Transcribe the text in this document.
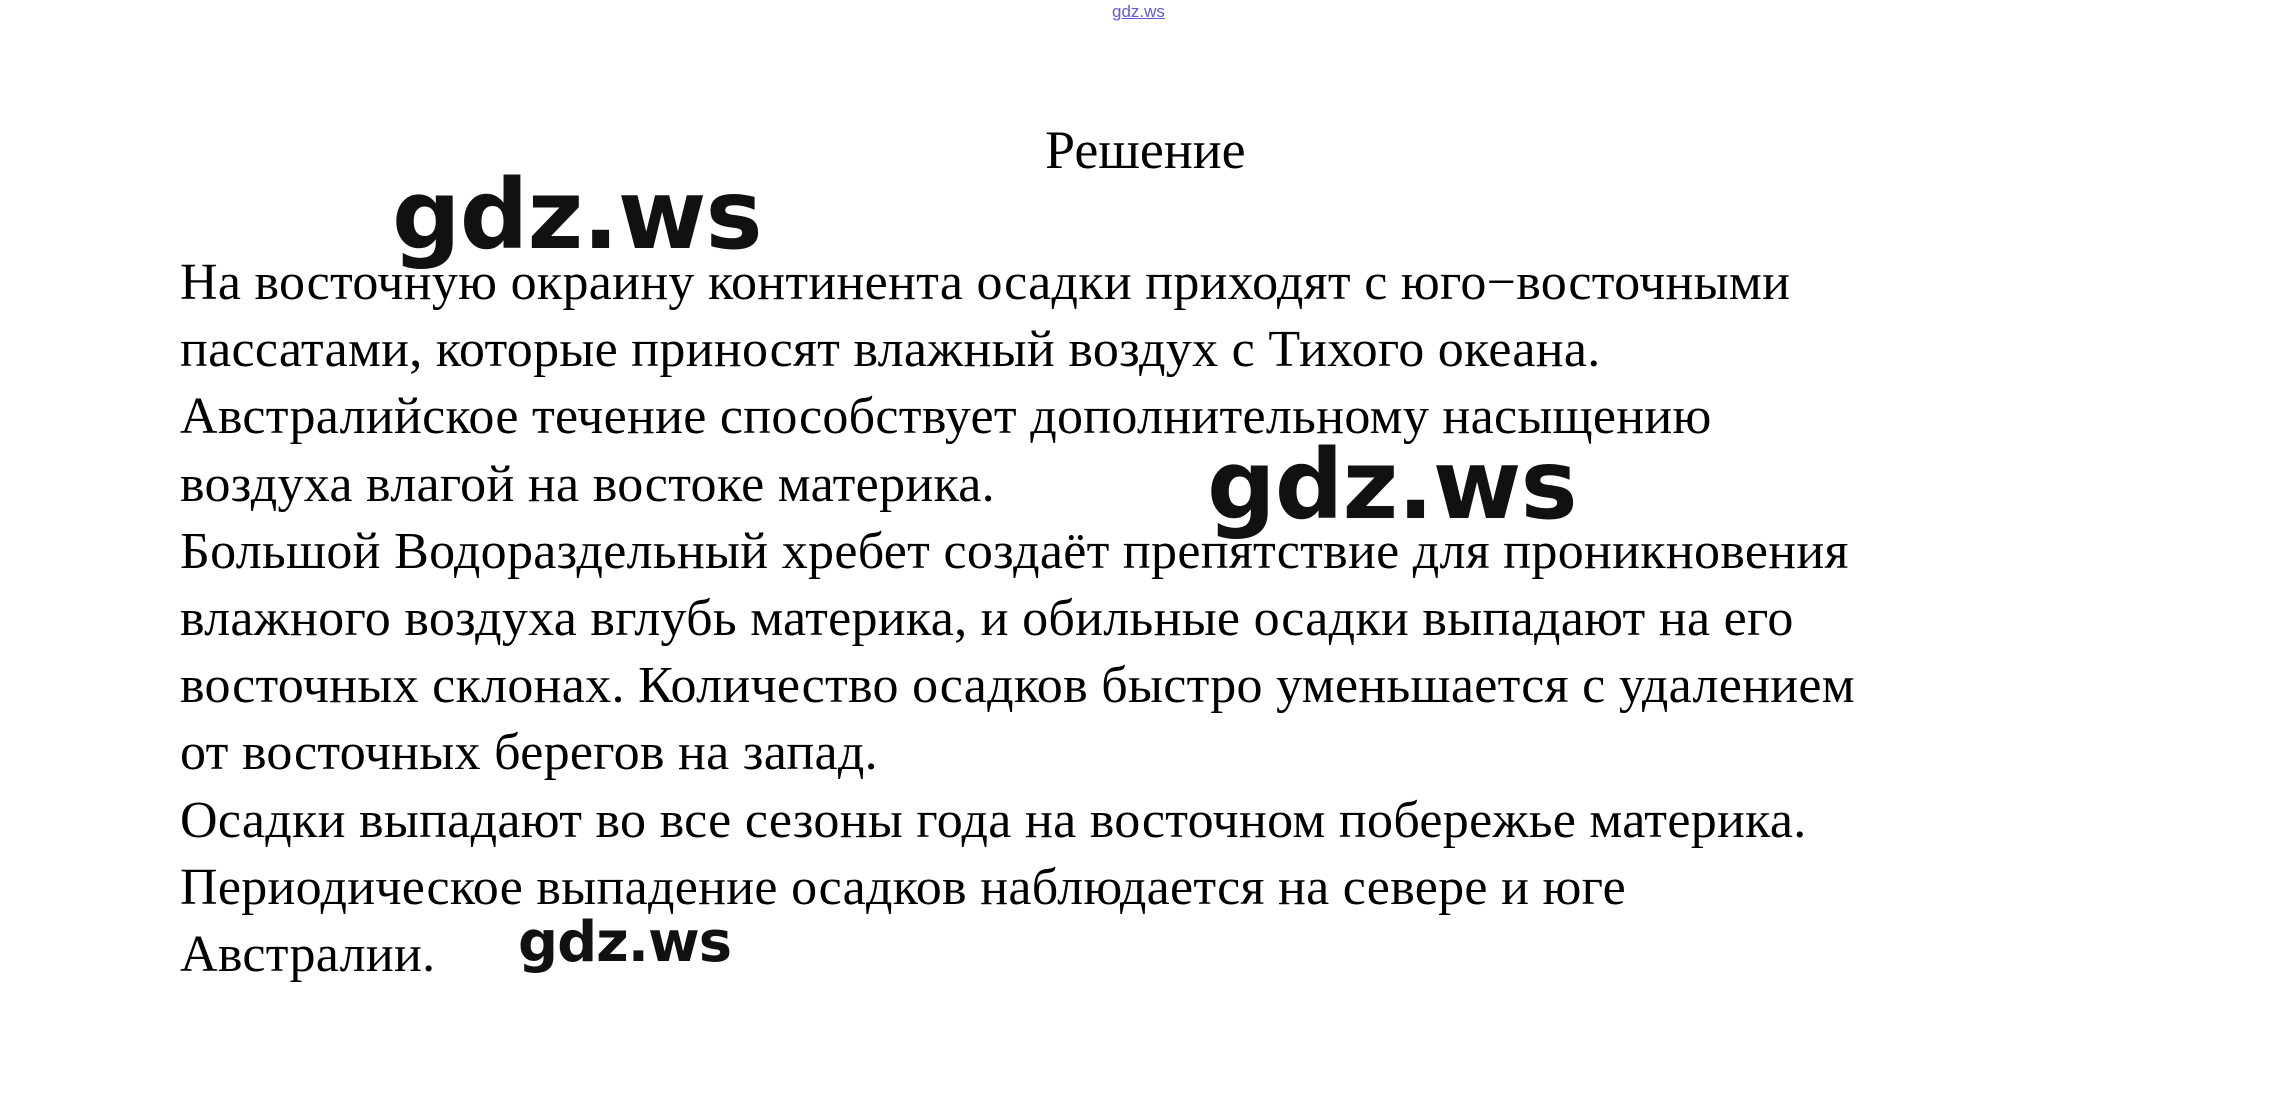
gdz.ws
Решение

На восточную окраину континента осадки приходят с юго−восточными
пассатами, которые приносят влажный воздух с Тихого океана.
Австралийское течение способствует дополнительному насыщению
воздуха влагой на востоке материка.
Большой Водораздельный хребет создаёт препятствие для проникновения
влажного воздуха вглубь материка, и обильные осадки выпадают на его
восточных склонах. Количество осадков быстро уменьшается с удалением
от восточных берегов на запад.
Осадки выпадают во все сезоны года на восточном побережье материка.
Периодическое выпадение осадков наблюдается на севере и юге
Австралии.

gdz.ws
gdz.ws
gdz.ws
